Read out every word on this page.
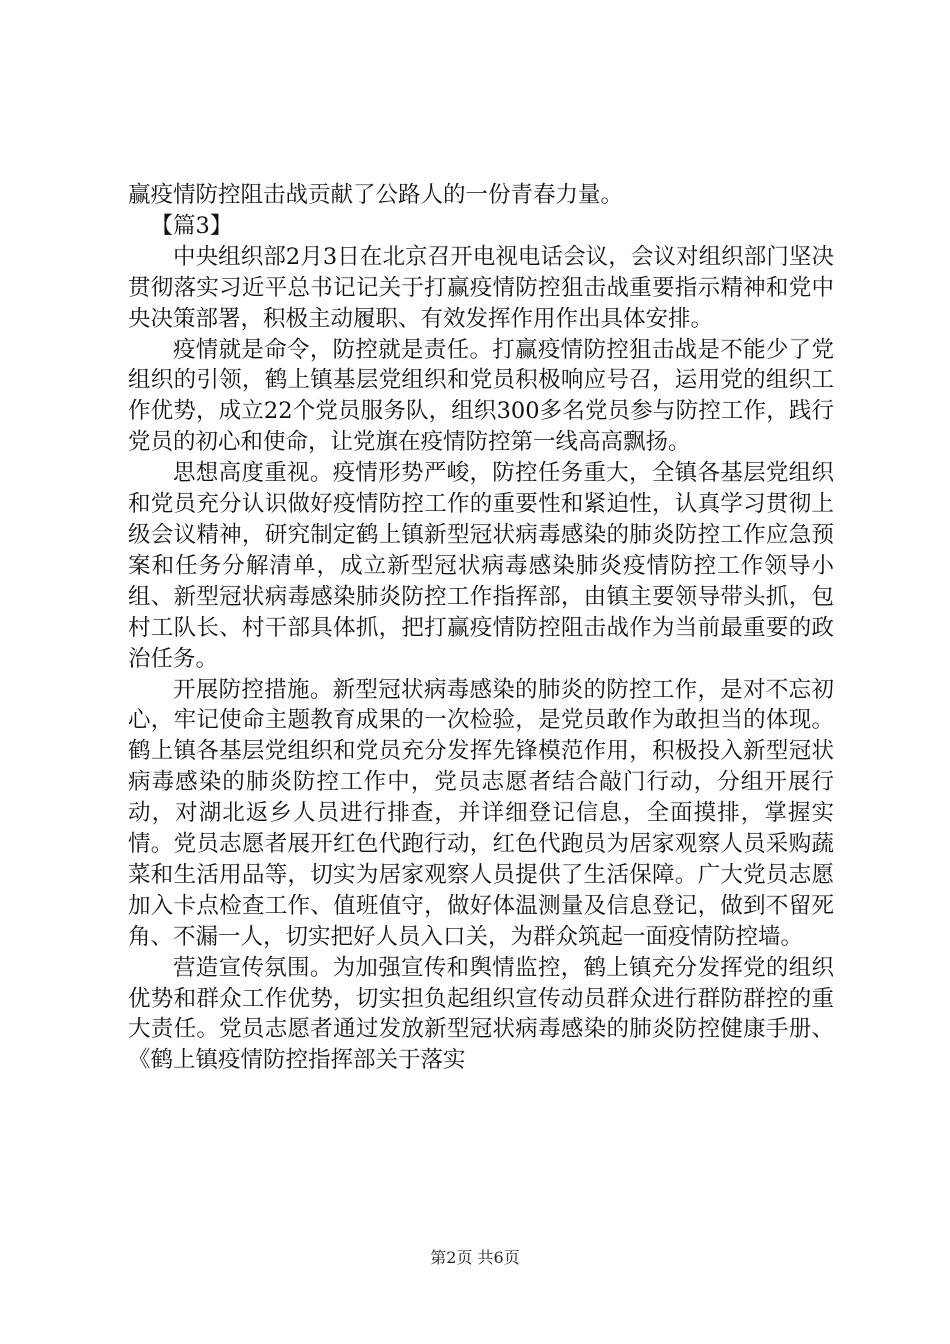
赢疫情防控阻击战贡献了公路人的一份青春力量。

【篇3】

中央组织部2月3日在北京召开电视电话会议，会议对组织部门坚决贯彻落实习近平总书记记关于打赢疫情防控狙击战重要指示精神和党中央决策部署，积极主动履职、有效发挥作用作出具体安排。

疫情就是命令，防控就是责任。打赢疫情防控狙击战是不能少了党组织的引领，鹤上镇基层党组织和党员积极响应号召，运用党的组织工作优势，成立22个党员服务队，组织300多名党员参与防控工作，践行党员的初心和使命，让党旗在疫情防控第一线高高飘扬。

思想高度重视。疫情形势严峻，防控任务重大，全镇各基层党组织和党员充分认识做好疫情防控工作的重要性和紧迫性，认真学习贯彻上级会议精神，研究制定鹤上镇新型冠状病毒感染的肺炎防控工作应急预案和任务分解清单，成立新型冠状病毒感染肺炎疫情防控工作领导小组、新型冠状病毒感染肺炎防控工作指挥部，由镇主要领导带头抓，包村工队长、村干部具体抓，把打赢疫情防控阻击战作为当前最重要的政治任务。

开展防控措施。新型冠状病毒感染的肺炎的防控工作，是对不忘初心，牢记使命主题教育成果的一次检验，是党员敢作为敢担当的体现。鹤上镇各基层党组织和党员充分发挥先锋模范作用，积极投入新型冠状病毒感染的肺炎防控工作中，党员志愿者结合敲门行动，分组开展行动，对湖北返乡人员进行排查，并详细登记信息，全面摸排，掌握实情。党员志愿者展开红色代跑行动，红色代跑员为居家观察人员采购蔬菜和生活用品等，切实为居家观察人员提供了生活保障。广大党员志愿加入卡点检查工作、值班值守，做好体温测量及信息登记，做到不留死角、不漏一人，切实把好人员入口关，为群众筑起一面疫情防控墙。

营造宣传氛围。为加强宣传和舆情监控，鹤上镇充分发挥党的组织优势和群众工作优势，切实担负起组织宣传动员群众进行群防群控的重大责任。党员志愿者通过发放新型冠状病毒感染的肺炎防控健康手册、《鹤上镇疫情防控指挥部关于落实

第2页 共6页
